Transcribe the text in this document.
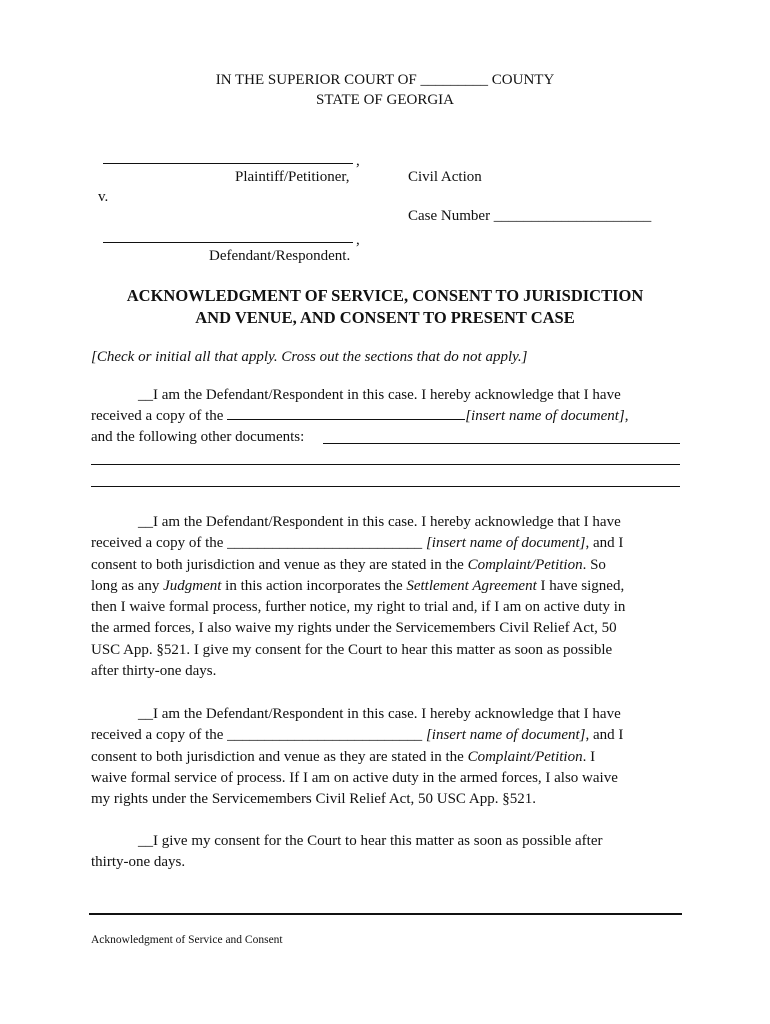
IN THE SUPERIOR COURT OF _________ COUNTY
STATE OF GEORGIA
,
Plaintiff/Petitioner,
v.
,
Defendant/Respondent.
Civil Action
Case Number _____________________
ACKNOWLEDGMENT OF SERVICE, CONSENT TO JURISDICTION
AND VENUE, AND CONSENT TO PRESENT CASE
[Check or initial all that apply. Cross out the sections that do not apply.]
__I am the Defendant/Respondent in this case. I hereby acknowledge that I have
received a copy of the	[insert name of document],
and the following other documents:
__I am the Defendant/Respondent in this case. I hereby acknowledge that I have
received a copy of the __________________________ [insert name of document], and I
consent to both jurisdiction and venue as they are stated in the Complaint/Petition. So
long as any Judgment in this action incorporates the Settlement Agreement I have signed,
then I waive formal process, further notice, my right to trial and, if I am on active duty in
the armed forces, I also waive my rights under the Servicemembers Civil Relief Act, 50
USC App. §521. I give my consent for the Court to hear this matter as soon as possible
after thirty-one days.
__I am the Defendant/Respondent in this case. I hereby acknowledge that I have
received a copy of the __________________________ [insert name of document], and I
consent to both jurisdiction and venue as they are stated in the Complaint/Petition. I
waive formal service of process. If I am on active duty in the armed forces, I also waive
my rights under the Servicemembers Civil Relief Act, 50 USC App. §521.
__I give my consent for the Court to hear this matter as soon as possible after
thirty-one days.
Acknowledgment of Service and Consent
